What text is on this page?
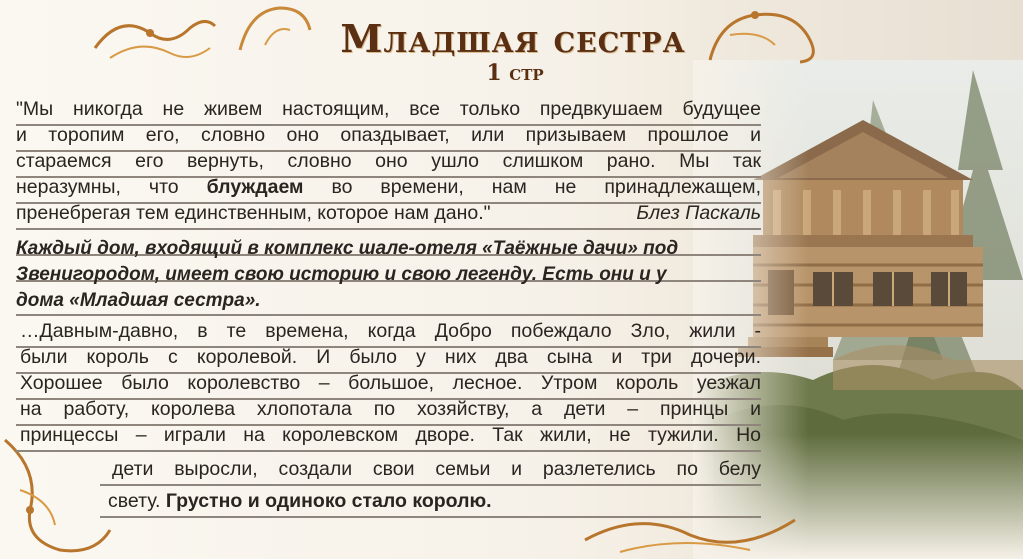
Младшая сестра
1 стр
"Мы никогда не живем настоящим, все только предвкушаем будущее
и торопим его, словно оно опаздывает, или призываем прошлое и
стараемся его вернуть, словно оно ушло слишком рано. Мы так
неразумны, что блуждаем во времени, нам не принадлежащем,
пренебрегая тем единственным, которое нам дано."	Блез Паскаль
Каждый дом, входящий в комплекс шале-отеля «Таёжные дачи» под
Звенигородом, имеет свою историю и свою легенду. Есть они и у
дома «Младшая сестра».
…Давным-давно, в те времена, когда Добро побеждало Зло, жили -
были король с королевой. И было у них два сына и три дочери.
Хорошее было королевство – большое, лесное. Утром король уезжал
на работу, королева хлопотала по хозяйству, а дети – принцы и
принцессы – играли на королевском дворе. Так жили, не тужили. Но
дети выросли, создали свои семьи и разлетелись по белу
свету. Грустно и одиноко стало королю.
